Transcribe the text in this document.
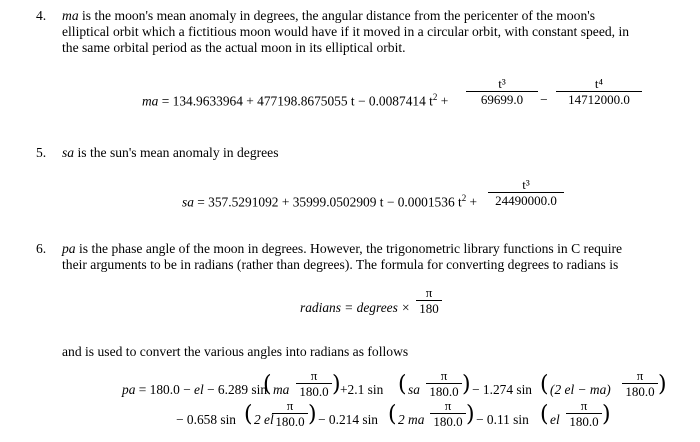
4. ma is the moon's mean anomaly in degrees, the angular distance from the pericenter of the moon's
elliptical orbit which a fictitious moon would have if it moved in a circular orbit, with constant speed, in
the same orbital period as the actual moon in its elliptical orbit.
ma = 134.9633964 + 477198.8675055 t − 0.0087414 $t^2 + \frac{\text{t³}}{69699.0} - \frac{\text{t⁴}}{14712000.0}$
5. sa is the sun's mean anomaly in degrees
sa = 357.5291092 + 35999.0502909 t − 0.0001536 $t^2 + \frac{\text{t³}}{24490000.0}$
6. pa is the phase angle of the moon in degrees. However, the trigonometric library functions in C require
their arguments to be in radians (rather than degrees). The formula for converting degrees to radians is
radians = degrees × $\frac{\pi}{180}$
and is used to convert the various angles into radians as follows
pa = 180.0 − el − 6.289 sin
( ma $\frac{\pi}{180.0}$ ) +2.1 sin ( sa $\frac{\pi}{180.0}$ ) − 1.274 sin ( (2 el − $ma) \frac{\pi}{180.0}$ )
− 0.658 sin ( 2 el
$\frac{\pi}{180.0}$ ) − 0.214 sin ( 2 ma $\frac{\pi}{180.0}$ ) − 0.11 sin ( el $\frac{\pi}{180.0}$ )
